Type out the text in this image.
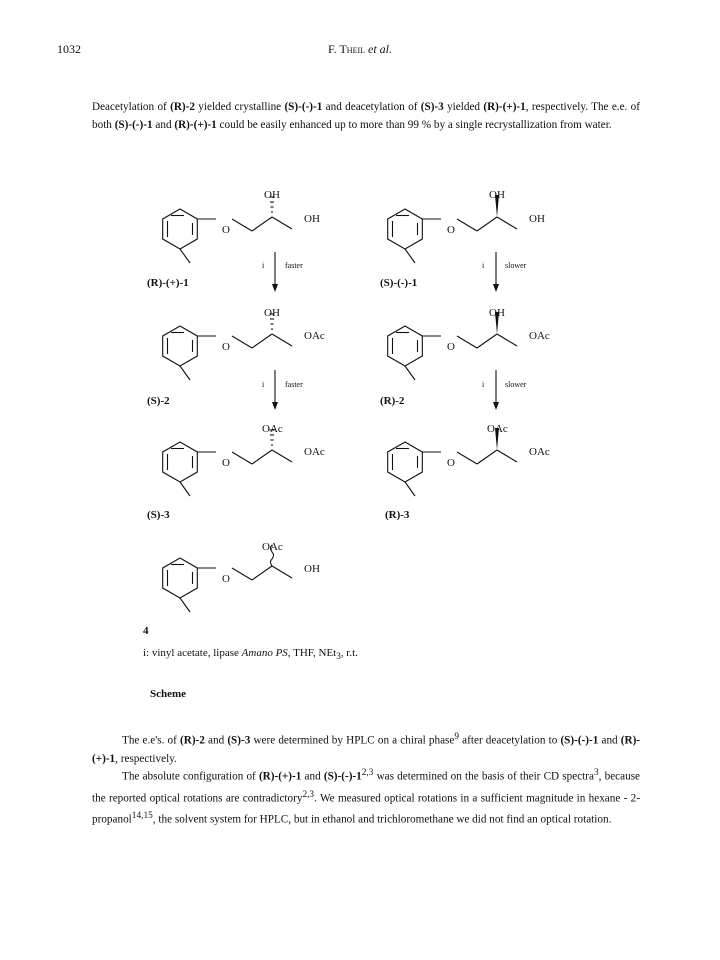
1032	F. Theil et al.
Deacetylation of (R)-2 yielded crystalline (S)-(-)-1 and deacetylation of (S)-3 yielded (R)-(+)-1, respectively. The e.e. of both (S)-(-)-1 and (R)-(+)-1 could be easily enhanced up to more than 99 % by a single recrystallization from water.
O
OH
OH
(R)-(+)-1
i	faster
O
OH
OH
(S)-(-)-1
i	slower
O
OH
OAc
(S)-2
i	faster
O
OH
OAc
(R)-2
i	slower
O
OAc
OAc
(S)-3
O
OAc
OAc
(R)-3
O
OAc
OH
4
i: vinyl acetate, lipase Amano PS, THF, NEt$_3$, r.t.
Scheme
The e.e's. of (R)-2 and (S)-3 were determined by HPLC on a chiral phase$^9$ after deacetylation to (S)-(-)-1 and (R)-(+)-1, respectively.
The absolute configuration of (R)-(+)-1 and (S)-(-)-1$^{2,3}$ was determined on the basis of their CD spectra$^3$, because the reported optical rotations are contradictory$^{2,3}$. We measured optical rotations in a sufficient magnitude in hexane - 2-propanol$^{14,15}$, the solvent system for HPLC, but in ethanol and trichloromethane we did not find an optical rotation.
